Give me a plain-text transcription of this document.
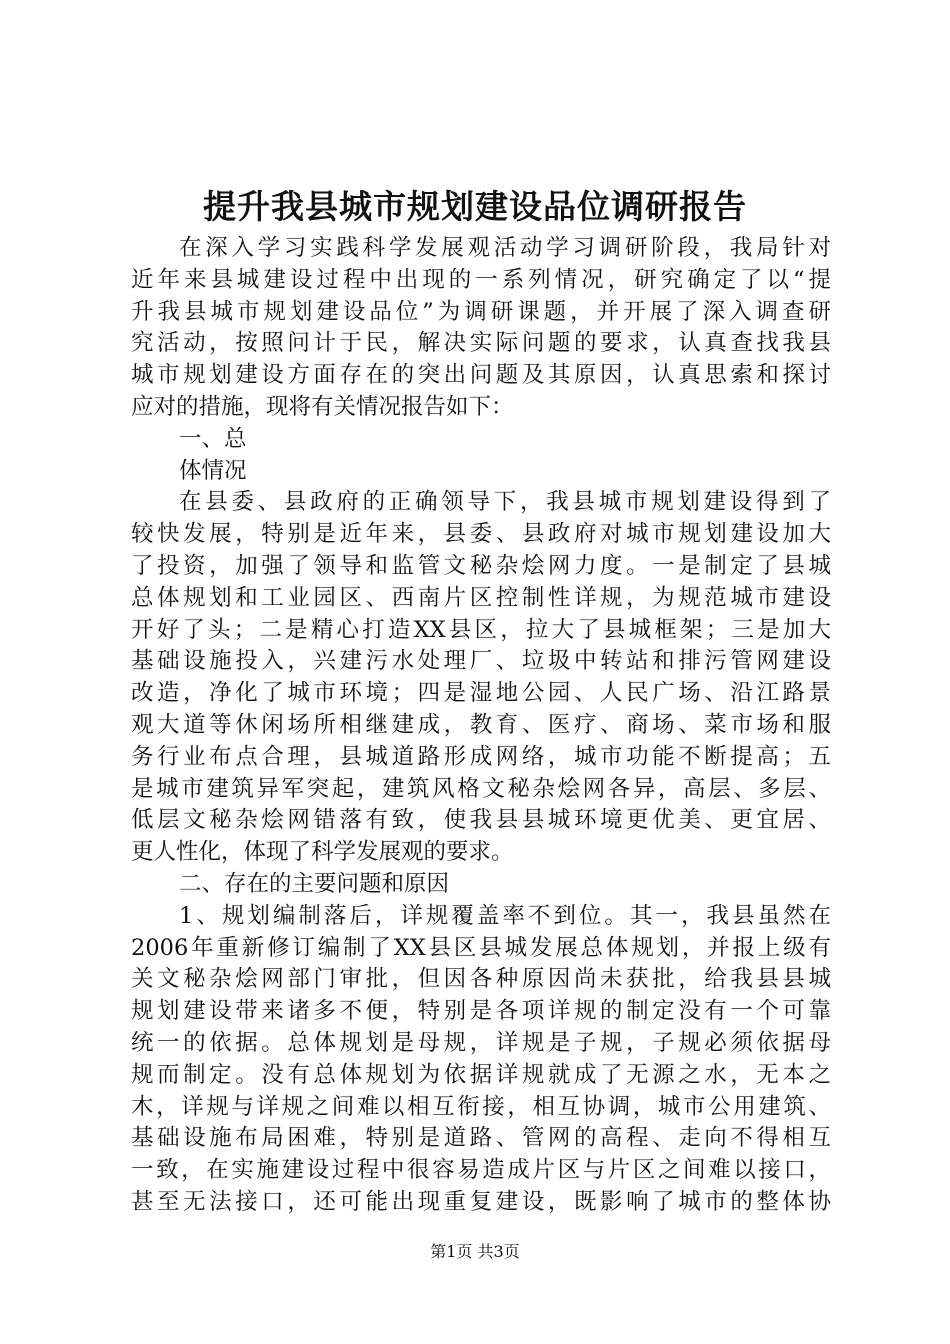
提升我县城市规划建设品位调研报告
在深入学习实践科学发展观活动学习调研阶段，我局针对
近年来县城建设过程中出现的一系列情况，研究确定了以“提
升我县城市规划建设品位”为调研课题，并开展了深入调查研
究活动，按照问计于民，解决实际问题的要求，认真查找我县
城市规划建设方面存在的突出问题及其原因，认真思索和探讨
应对的措施，现将有关情况报告如下：
一、总
体情况
在县委、县政府的正确领导下，我县城市规划建设得到了
较快发展，特别是近年来，县委、县政府对城市规划建设加大
了投资，加强了领导和监管文秘杂烩网力度。一是制定了县城
总体规划和工业园区、西南片区控制性详规，为规范城市建设
开好了头；二是精心打造XX县区，拉大了县城框架；三是加大
基础设施投入，兴建污水处理厂、垃圾中转站和排污管网建设
改造，净化了城市环境；四是湿地公园、人民广场、沿江路景
观大道等休闲场所相继建成，教育、医疗、商场、菜市场和服
务行业布点合理，县城道路形成网络，城市功能不断提高；五
是城市建筑异军突起，建筑风格文秘杂烩网各异，高层、多层、
低层文秘杂烩网错落有致，使我县县城环境更优美、更宜居、
更人性化，体现了科学发展观的要求。
二、存在的主要问题和原因
1、规划编制落后，详规覆盖率不到位。其一，我县虽然在
2006年重新修订编制了XX县区县城发展总体规划，并报上级有
关文秘杂烩网部门审批，但因各种原因尚未获批，给我县县城
规划建设带来诸多不便，特别是各项详规的制定没有一个可靠
统一的依据。总体规划是母规，详规是子规，子规必须依据母
规而制定。没有总体规划为依据详规就成了无源之水，无本之
木，详规与详规之间难以相互衔接，相互协调，城市公用建筑、
基础设施布局困难，特别是道路、管网的高程、走向不得相互
一致，在实施建设过程中很容易造成片区与片区之间难以接口，
甚至无法接口，还可能出现重复建设，既影响了城市的整体协
第1页 共3页
